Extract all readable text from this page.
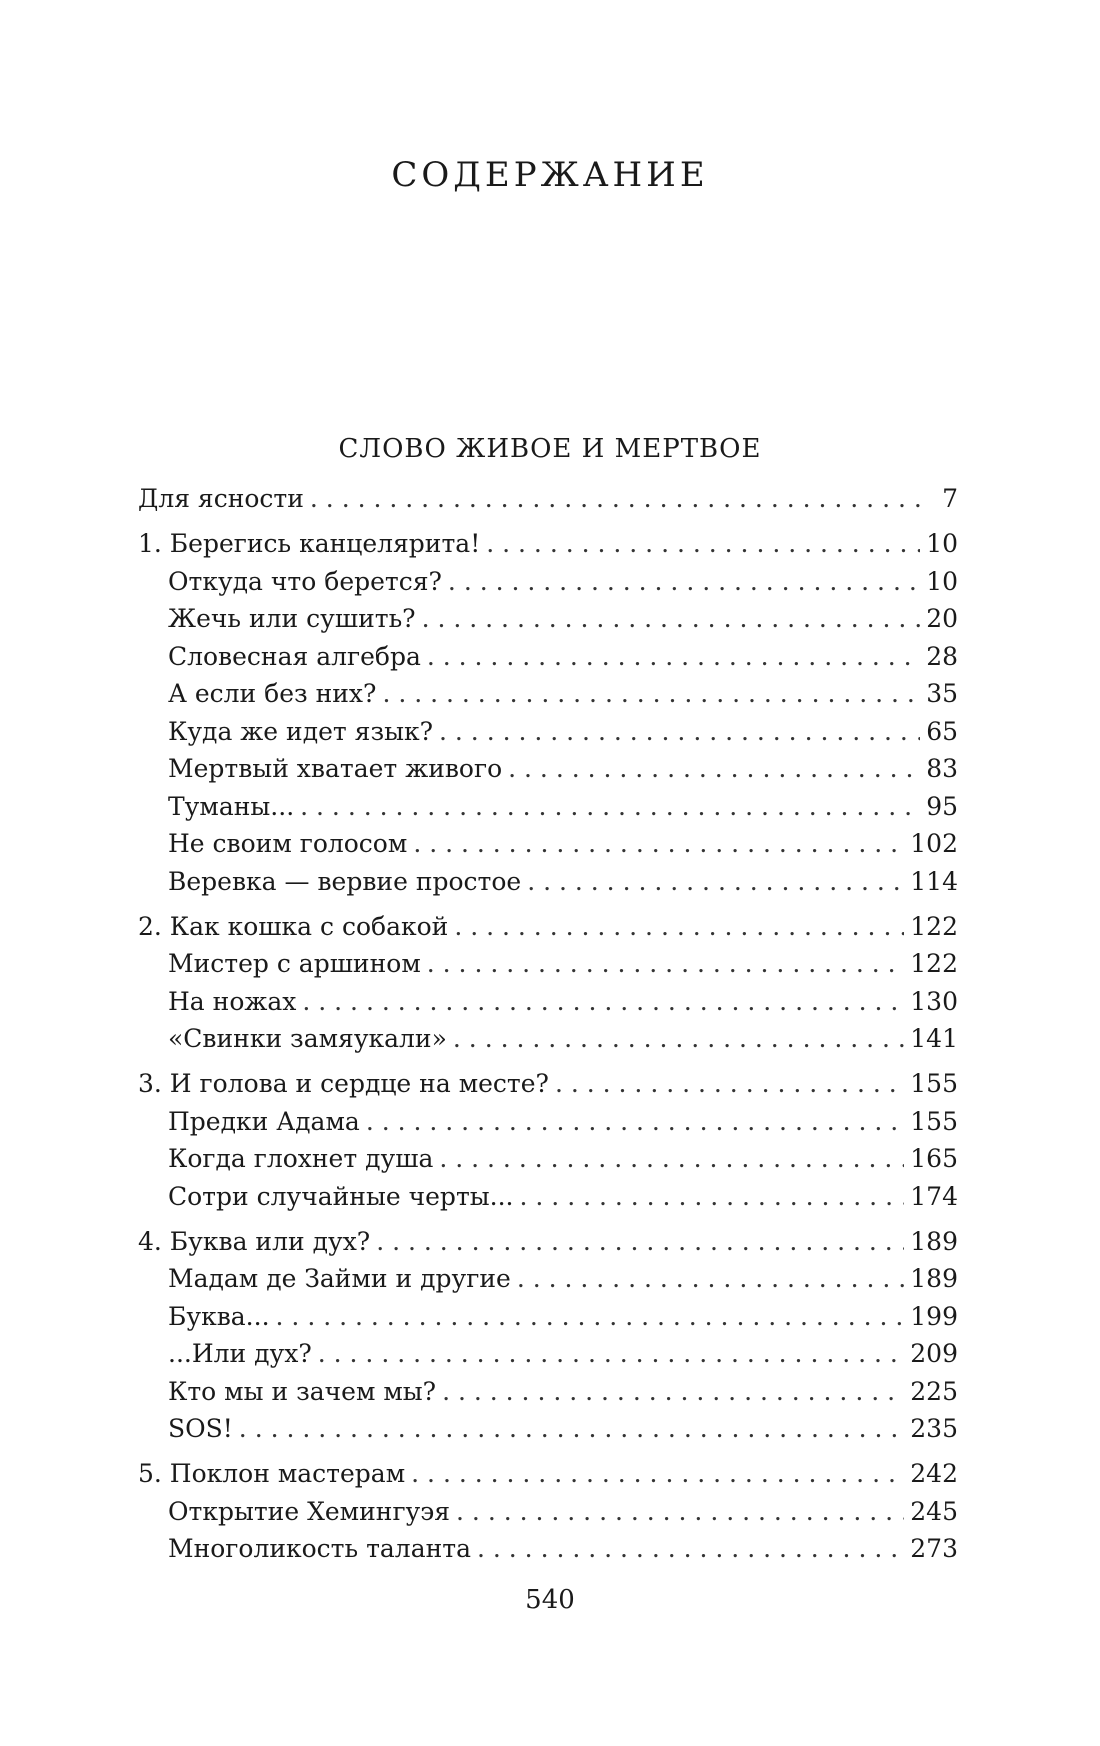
СОДЕРЖАНИЕ
СЛОВО ЖИВОЕ И МЕРТВОЕ
Для ясности . . .	7
1. Берегись канцелярита! . . .	10
Откуда что берется? . . .	10
Жечь или сушить? . . .	20
Словесная алгебра . . .	28
А если без них? . . .	35
Куда же идет язык? . . .	65
Мертвый хватает живого . . .	83
Туманы... . . .	95
Не своим голосом . . .	102
Веревка — вервие простое . . .	114
2. Как кошка с собакой . . .	122
Мистер с аршином . . .	122
На ножах . . .	130
«Свинки замяукали» . . .	141
3. И голова и сердце на месте? . . .	155
Предки Адама . . .	155
Когда глохнет душа . . .	165
Сотри случайные черты... . . .	174
4. Буква или дух? . . .	189
Мадам де Займи и другие . . .	189
Буква... . . .	199
...Или дух? . . .	209
Кто мы и зачем мы? . . .	225
SOS! . . .	235
5. Поклон мастерам . . .	242
Открытие Хемингуэя . . .	245
Многоликость таланта . . .	273
540
